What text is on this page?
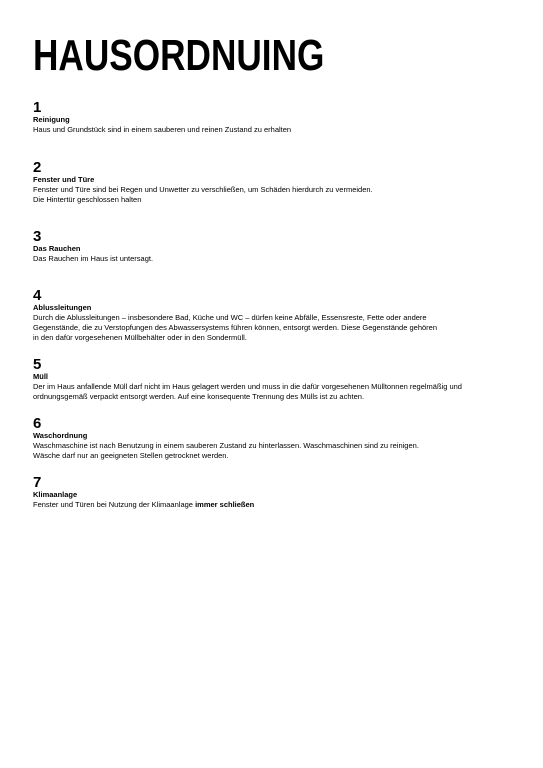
HAUSORDNUING
1
Reinigung
Haus und Grundstück sind in einem sauberen und reinen Zustand zu erhalten
2
Fenster und Türe
Fenster und Türe sind bei Regen und Unwetter zu verschließen, um Schäden hierdurch zu vermeiden.
Die Hintertür geschlossen halten
3
Das Rauchen
Das Rauchen im Haus ist untersagt.
4
Ablussleitungen
Durch die Ablussleitungen – insbesondere Bad, Küche und WC – dürfen keine Abfälle, Essensreste, Fette oder andere
Gegenstände, die zu Verstopfungen des Abwassersystems führen können, entsorgt werden. Diese Gegenstände gehören
in den dafür vorgesehenen Müllbehälter oder in den Sondermüll.
5
Müll
Der im Haus anfallende Müll darf nicht im Haus gelagert werden und muss in die dafür vorgesehenen Mülltonnen regelmäßig und
ordnungsgemäß verpackt entsorgt werden. Auf eine konsequente Trennung des Mülls ist zu achten.
6
Waschordnung
Waschmaschine ist nach Benutzung in einem sauberen Zustand zu hinterlassen. Waschmaschinen sind zu reinigen.
Wäsche darf nur an geeigneten Stellen getrocknet werden.
7
Klimaanlage
Fenster und Türen bei Nutzung der Klimaanlage immer schließen
